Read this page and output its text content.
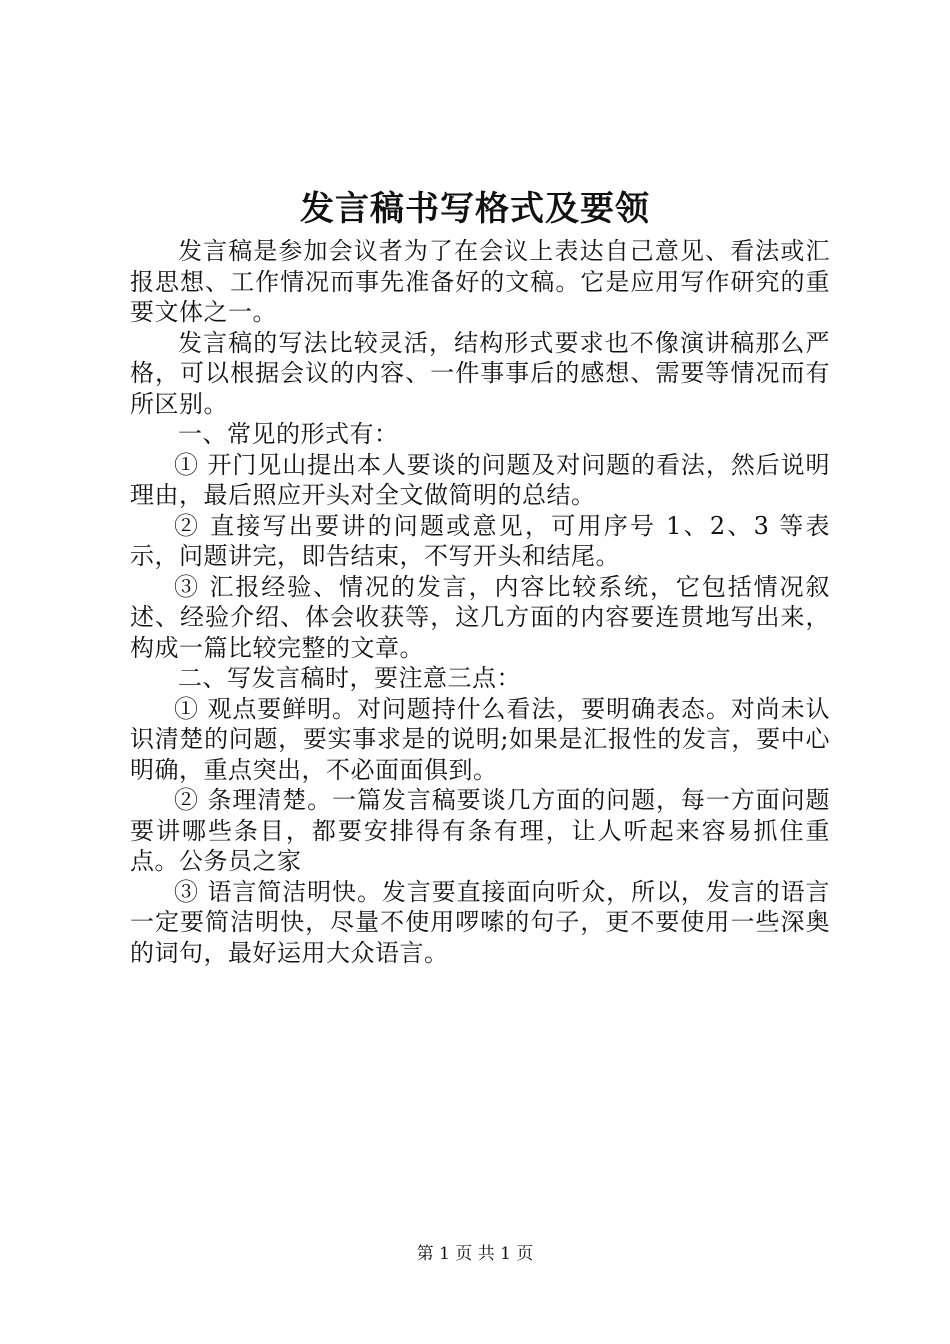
发言稿书写格式及要领

发言稿是参加会议者为了在会议上表达自己意见、看法或汇报思想、工作情况而事先准备好的文稿。它是应用写作研究的重要文体之一。

发言稿的写法比较灵活，结构形式要求也不像演讲稿那么严格，可以根据会议的内容、一件事事后的感想、需要等情况而有所区别。

一、常见的形式有：

① 开门见山提出本人要谈的问题及对问题的看法，然后说明理由，最后照应开头对全文做简明的总结。

② 直接写出要讲的问题或意见，可用序号 1、2、3 等表示，问题讲完，即告结束，不写开头和结尾。

③ 汇报经验、情况的发言，内容比较系统，它包括情况叙述、经验介绍、体会收获等，这几方面的内容要连贯地写出来，构成一篇比较完整的文章。

二、写发言稿时，要注意三点：

① 观点要鲜明。对问题持什么看法，要明确表态。对尚未认识清楚的问题，要实事求是的说明;如果是汇报性的发言，要中心明确，重点突出，不必面面俱到。

② 条理清楚。一篇发言稿要谈几方面的问题，每一方面问题要讲哪些条目，都要安排得有条有理，让人听起来容易抓住重点。公务员之家

③ 语言简洁明快。发言要直接面向听众，所以，发言的语言一定要简洁明快，尽量不使用啰嗦的句子，更不要使用一些深奥的词句，最好运用大众语言。

第 1 页 共 1 页
